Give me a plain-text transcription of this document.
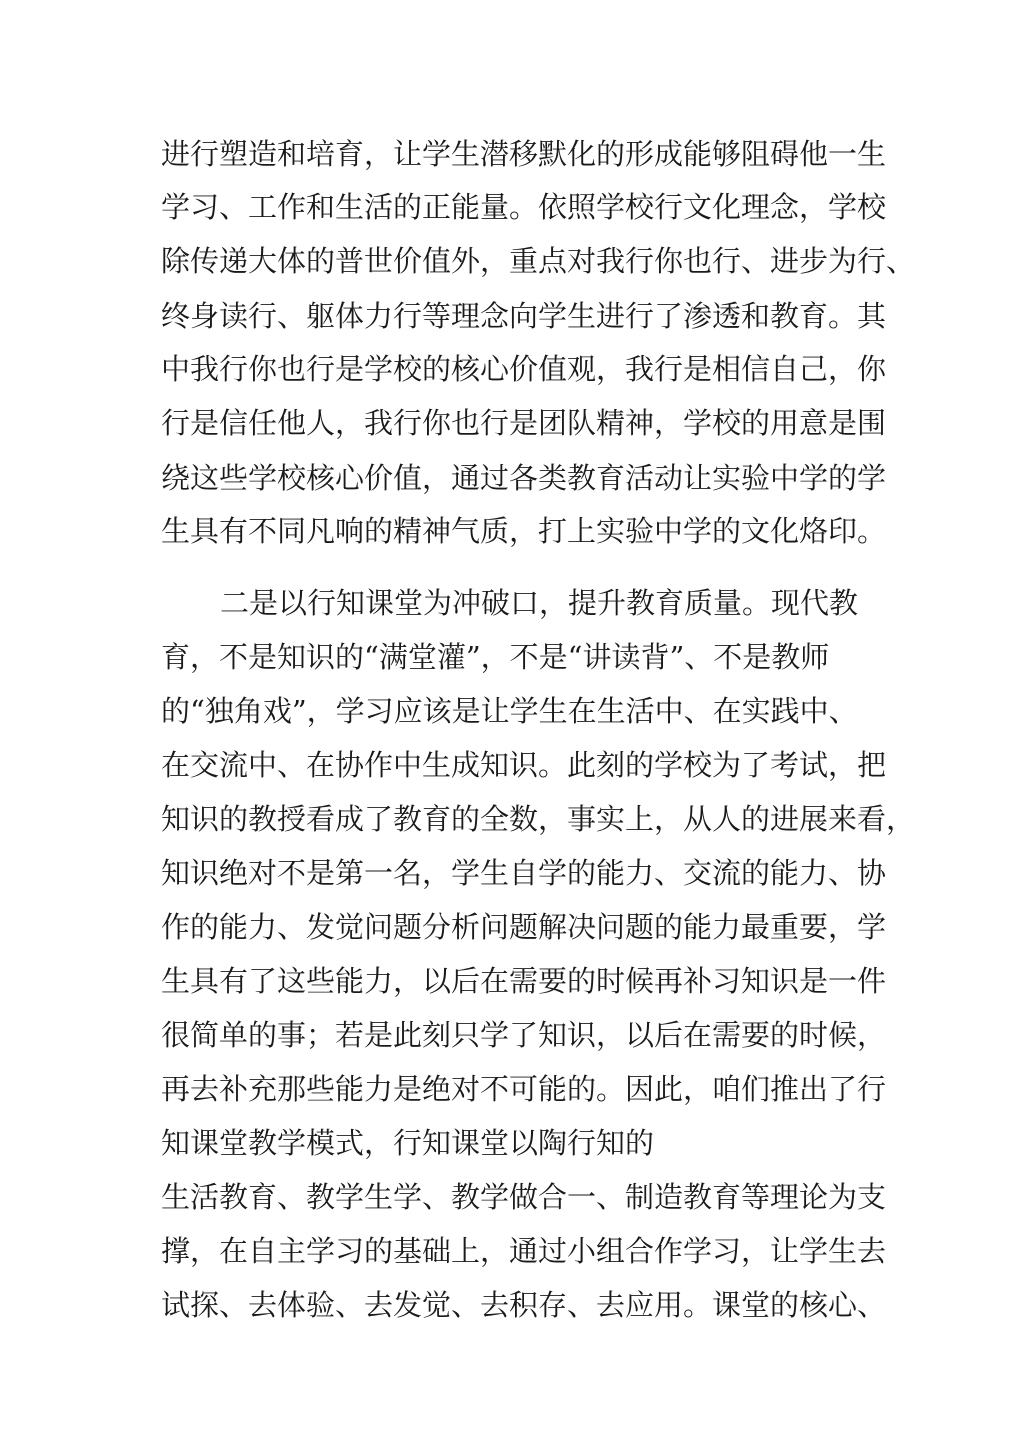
进行塑造和培育，让学生潜移默化的形成能够阻碍他一生
学习、工作和生活的正能量。依照学校行文化理念，学校
除传递大体的普世价值外，重点对我行你也行、进步为行、
终身读行、躯体力行等理念向学生进行了渗透和教育。其
中我行你也行是学校的核心价值观，我行是相信自己，你
行是信任他人，我行你也行是团队精神，学校的用意是围
绕这些学校核心价值，通过各类教育活动让实验中学的学
生具有不同凡响的精神气质，打上实验中学的文化烙印。
二是以行知课堂为冲破口，提升教育质量。现代教
育，不是知识的“满堂灌”，不是“讲读背”、不是教师
的“独角戏”，学习应该是让学生在生活中、在实践中、
在交流中、在协作中生成知识。此刻的学校为了考试，把
知识的教授看成了教育的全数，事实上，从人的进展来看，
知识绝对不是第一名，学生自学的能力、交流的能力、协
作的能力、发觉问题分析问题解决问题的能力最重要，学
生具有了这些能力，以后在需要的时候再补习知识是一件
很简单的事；若是此刻只学了知识，以后在需要的时候，
再去补充那些能力是绝对不可能的。因此，咱们推出了行
知课堂教学模式，行知课堂以陶行知的
生活教育、教学生学、教学做合一、制造教育等理论为支
撑，在自主学习的基础上，通过小组合作学习，让学生去
试探、去体验、去发觉、去积存、去应用。课堂的核心、
